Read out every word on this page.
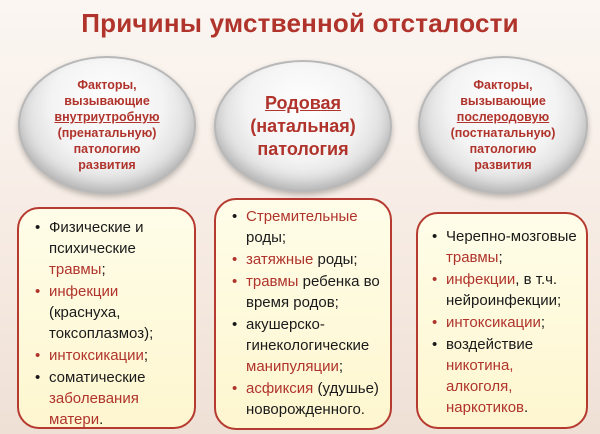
Причины умственной отсталости
Факторы,
вызывающие
внутриутробную
(пренатальную)
патологию
развития
Родовая
(натальная)
патология
Факторы,
вызывающие
послеродовую
(постнатальную)
патологию
развития
• Физические и психические травмы;
• инфекции (краснуха, токсоплазмоз);
• интоксикации;
• соматические заболевания матери.
• Стремительные роды;
• затяжные роды;
• травмы ребенка во время родов;
• акушерско-гинекологические манипуляции;
• асфиксия (удушье) новорожденного.
• Черепно-мозговые травмы;
• инфекции, в т.ч. нейроинфекции;
• интоксикации;
• воздействие никотина, алкоголя, наркотиков.
